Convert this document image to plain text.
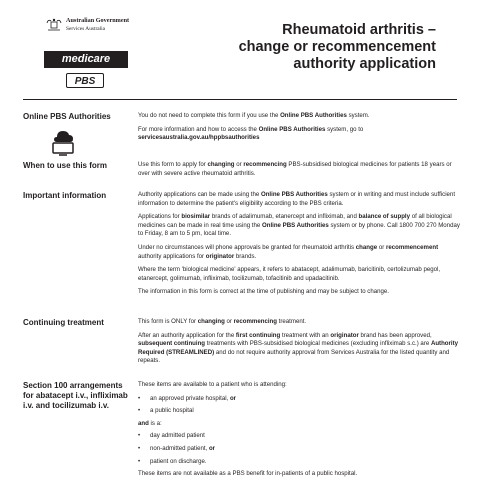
Australian Government
Services Australia
medicare
PBS
Rheumatoid arthritis –
change or recommencement
authority application
Online PBS Authorities	You do not need to complete this form if you use the Online PBS Authorities system.

For more information and how to access the Online PBS Authorities system, go to
servicesaustralia.gov.au/hppbsauthorities

When to use this form	Use this form to apply for changing or recommencing PBS-subsidised biological medicines for patients 18 years or over with severe active rheumatoid arthritis.

Important information	Authority applications can be made using the Online PBS Authorities system or in writing and must include sufficient information to determine the patient's eligibility according to the PBS criteria.

Applications for biosimilar brands of adalimumab, etanercept and infliximab, and balance of supply of all biological medicines can be made in real time using the Online PBS Authorities system or by phone. Call 1800 700 270 Monday to Friday, 8 am to 5 pm, local time.

Under no circumstances will phone approvals be granted for rheumatoid arthritis change or recommencement authority applications for originator brands.

Where the term 'biological medicine' appears, it refers to abatacept, adalimumab, baricitinib, certolizumab pegol, etanercept, golimumab, infliximab, tocilizumab, tofacitinib and upadacitinib.

The information in this form is correct at the time of publishing and may be subject to change.

Continuing treatment	This form is ONLY for changing or recommencing treatment.

After an authority application for the first continuing treatment with an originator brand has been approved, subsequent continuing treatments with PBS-subsidised biological medicines (excluding infliximab s.c.) are Authority Required (STREAMLINED) and do not require authority approval from Services Australia for the listed quantity and repeats.

Section 100 arrangements for abatacept i.v., infliximab i.v. and tocilizumab i.v.

These items are available to a patient who is attending:

•	an approved private hospital, or
•	a public hospital

and is a:

•	day admitted patient
•	non-admitted patient, or
•	patient on discharge.

These items are not available as a PBS benefit for in-patients of a public hospital.
